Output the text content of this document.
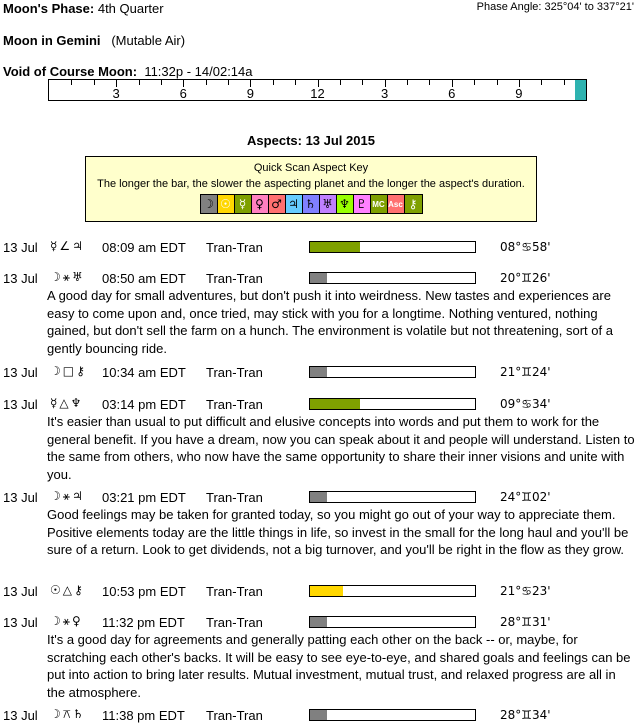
Moon's Phase: 4th Quarter	Phase Angle: 325°04' to 337°21'
Moon in Gemini (Mutable Air)
Void of Course Moon: 11:32p - 14/02:14a
3	6	9	12	3	6	9
Aspects: 13 Jul 2015
Quick Scan Aspect Key
The longer the bar, the slower the aspecting planet and the longer the aspect's duration.
☽ ☉ ☿ ♀ ♂ ♃ ♄ ♅ ♆ ♇ MC Asc ⚷
13 Jul ☿∠♃ 08:09 am EDT Tran-Tran	08°♋58'
13 Jul ☽⚹♅ 08:50 am EDT Tran-Tran	20°♊26'
A good day for small adventures, but don't push it into weirdness. New tastes and experiences are easy to come upon and, once tried, may stick with you for a longtime. Nothing ventured, nothing gained, but don't sell the farm on a hunch. The environment is volatile but not threatening, sort of a gently bouncing ride.
13 Jul ☽□⚷ 10:34 am EDT Tran-Tran	21°♊24'
13 Jul ☿△♆ 03:14 pm EDT Tran-Tran	09°♋34'
It's easier than usual to put difficult and elusive concepts into words and put them to work for the general benefit. If you have a dream, now you can speak about it and people will understand. Listen to the same from others, who now have the same opportunity to share their inner visions and unite with you.
13 Jul ☽⚹♃ 03:21 pm EDT Tran-Tran	24°♊02'
Good feelings may be taken for granted today, so you might go out of your way to appreciate them. Positive elements today are the little things in life, so invest in the small for the long haul and you'll be sure of a return. Look to get dividends, not a big turnover, and you'll be right in the flow as they grow.
13 Jul ☉△⚷ 10:53 pm EDT Tran-Tran	21°♋23'
13 Jul ☽⚹♀ 11:32 pm EDT Tran-Tran	28°♊31'
It's a good day for agreements and generally patting each other on the back -- or, maybe, for scratching each other's backs. It will be easy to see eye-to-eye, and shared goals and feelings can be put into action to bring later results. Mutual investment, mutual trust, and relaxed progress are all in the atmosphere.
13 Jul ☽⚻♄ 11:38 pm EDT Tran-Tran	28°♊34'
